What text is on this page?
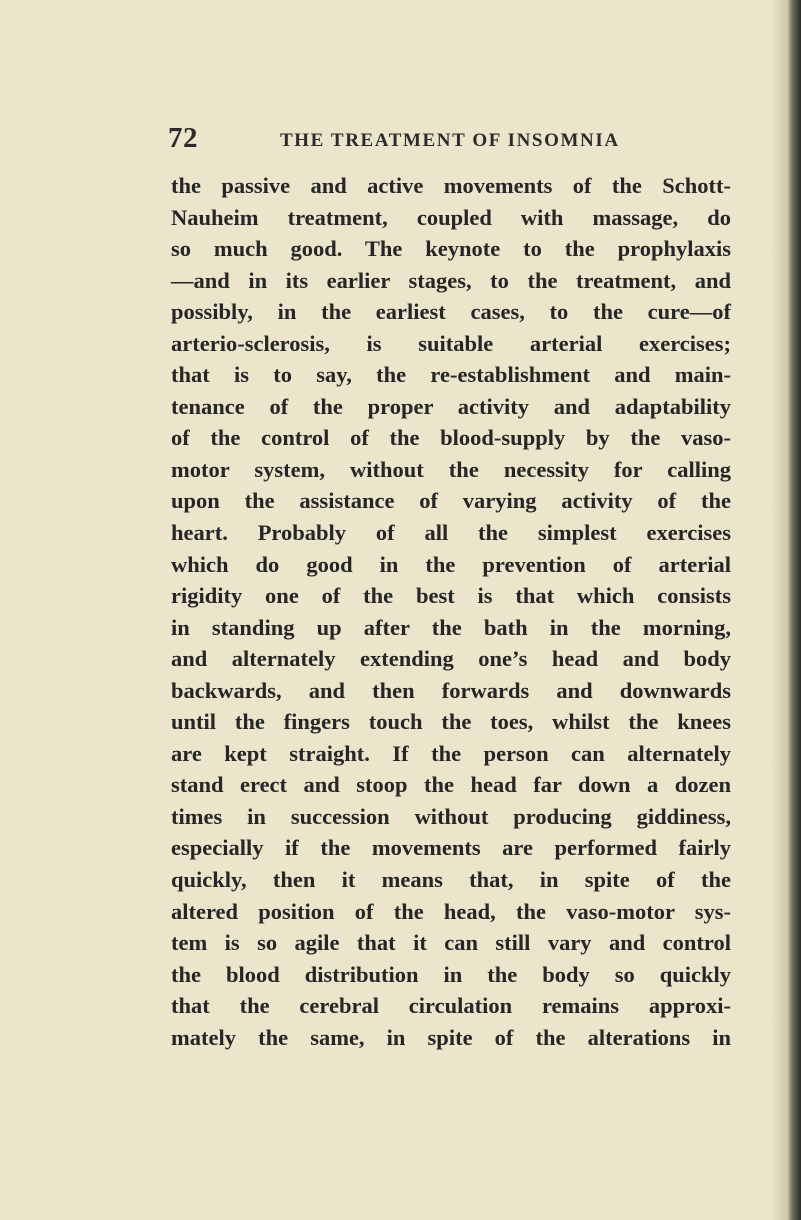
72	THE TREATMENT OF INSOMNIA
the passive and active movements of the Schott-
Nauheim treatment, coupled with massage, do
so much good. The keynote to the prophylaxis
—and in its earlier stages, to the treatment, and
possibly, in the earliest cases, to the cure—of
arterio-sclerosis, is suitable arterial exercises;
that is to say, the re-establishment and main-
tenance of the proper activity and adaptability
of the control of the blood-supply by the vaso-
motor system, without the necessity for calling
upon the assistance of varying activity of the
heart. Probably of all the simplest exercises
which do good in the prevention of arterial
rigidity one of the best is that which consists
in standing up after the bath in the morning,
and alternately extending one’s head and body
backwards, and then forwards and downwards
until the fingers touch the toes, whilst the knees
are kept straight. If the person can alternately
stand erect and stoop the head far down a dozen
times in succession without producing giddiness,
especially if the movements are performed fairly
quickly, then it means that, in spite of the
altered position of the head, the vaso-motor sys-
tem is so agile that it can still vary and control
the blood distribution in the body so quickly
that the cerebral circulation remains approxi-
mately the same, in spite of the alterations in
